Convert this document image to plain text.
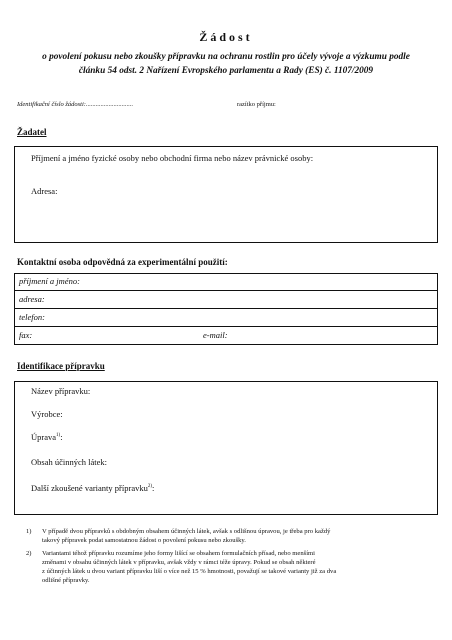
Žádost
o povolení pokusu nebo zkoušky přípravku na ochranu rostlin pro účely vývoje a výzkumu podle
článku 54 odst. 2 Nařízení Evropského parlamentu a Rady (ES) č. 1107/2009
Identifikační číslo žádosti:.............................	razítko příjmu:
Žadatel
Příjmení a jméno fyzické osoby nebo obchodní firma nebo název právnické osoby:
Adresa:
Kontaktní osoba odpovědná za experimentální použití:
příjmení a jméno:
adresa:
telefon:
fax:	e-mail:
Identifikace přípravku
Název přípravku:
Výrobce:
Úprava$^{1)}$:
Obsah účinných látek:
Další zkoušené varianty přípravku$^{2)}$:
1) V případě dvou přípravků s obdobným obsahem účinných látek, avšak s odlišnou úpravou, je třeba pro každý
takový přípravek podat samostatnou žádost o povolení pokusu nebo zkoušky.
2) Variantami téhož přípravku rozumíme jeho formy lišící se obsahem formulačních přísad, nebo menšími
změnami v obsahu účinných látek v přípravku, avšak vždy v rámci téže úpravy. Pokud se obsah některé
z účinných látek u dvou variant přípravku liší o více než 15 % hmotnosti, považují se takové varianty již za dva
odlišné přípravky.
